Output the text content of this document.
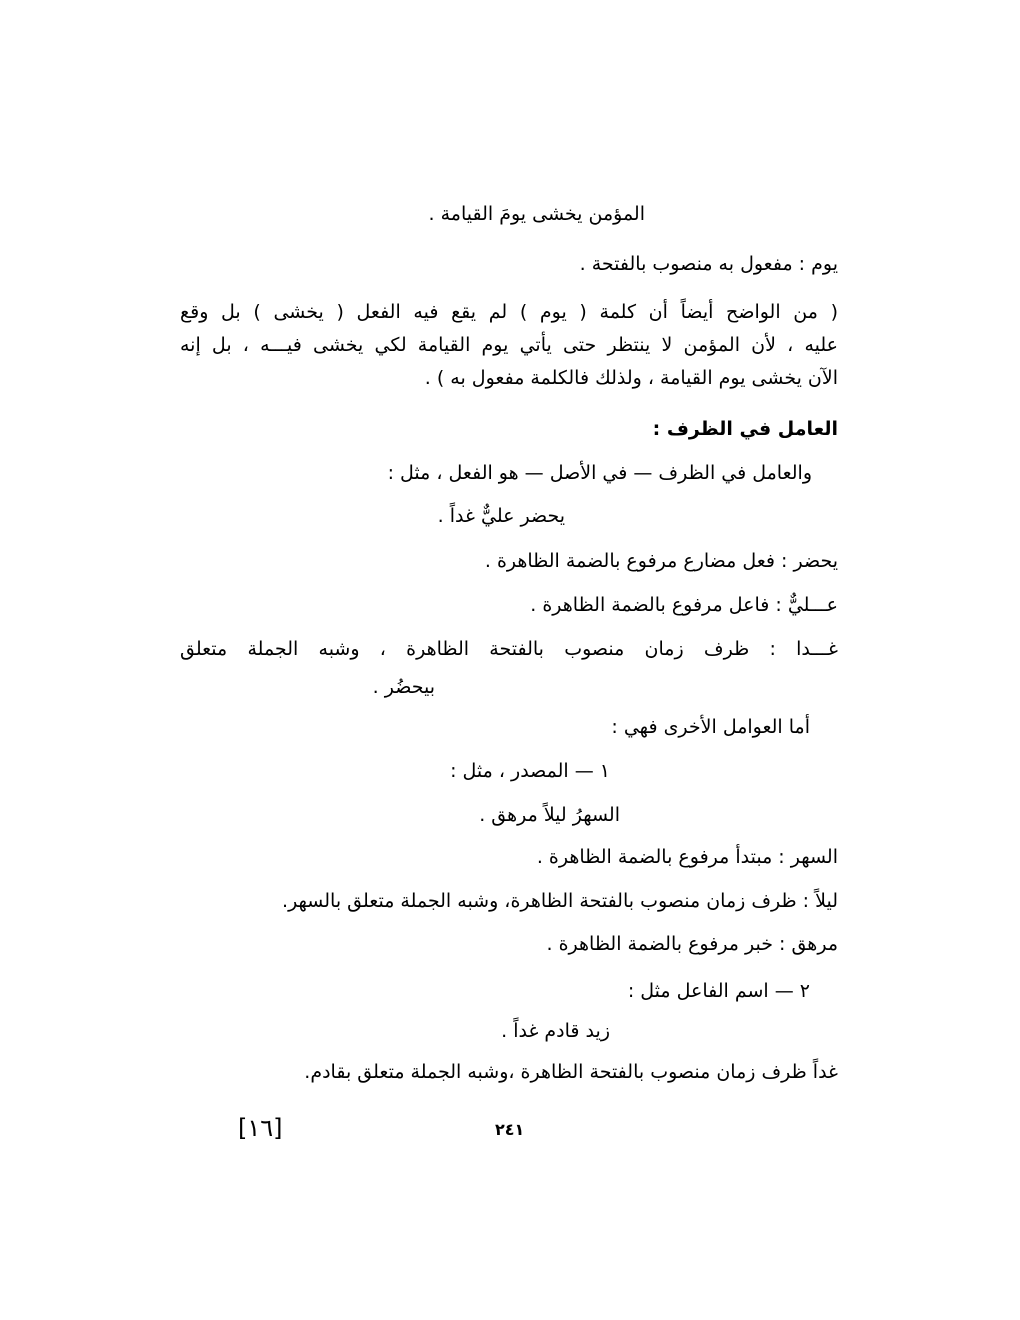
المؤمن يخشى يومَ القيامة .
يوم : مفعول به منصوب بالفتحة .
( من الواضح أيضاً أن كلمة ( يوم ) لم يقع فيه الفعل ( يخشى ) بل وقع
عليه ، لأن المؤمن لا ينتظر حتى يأتي يوم القيامة لكي يخشى فيـــه ، بل إنه
الآن يخشى يوم القيامة ، ولذلك فالكلمة مفعول به ) .
العامل في الظرف :
والعامل في الظرف — في الأصل — هو الفعل ، مثل :
يحضر عليٌّ غداً .
يحضر : فعل مضارع مرفوع بالضمة الظاهرة .
عـــليٌّ : فاعل مرفوع بالضمة الظاهرة .
غـــدا : ظرف زمان منصوب بالفتحة الظاهرة ، وشبه الجملة متعلق
بيحضُر .
أما العوامل الأخرى فهي :
١ — المصدر ، مثل :
السهرُ ليلاً مرهق .
السهر : مبتدأ مرفوع بالضمة الظاهرة .
ليلاً : ظرف زمان منصوب بالفتحة الظاهرة، وشبه الجملة متعلق بالسهر.
مرهق : خبر مرفوع بالضمة الظاهرة .
٢ — اسم الفاعل مثل :
زيد قادم غداً .
غداً ظرف زمان منصوب بالفتحة الظاهرة ،وشبه الجملة متعلق بقادم.
[١٦]	٢٤١
